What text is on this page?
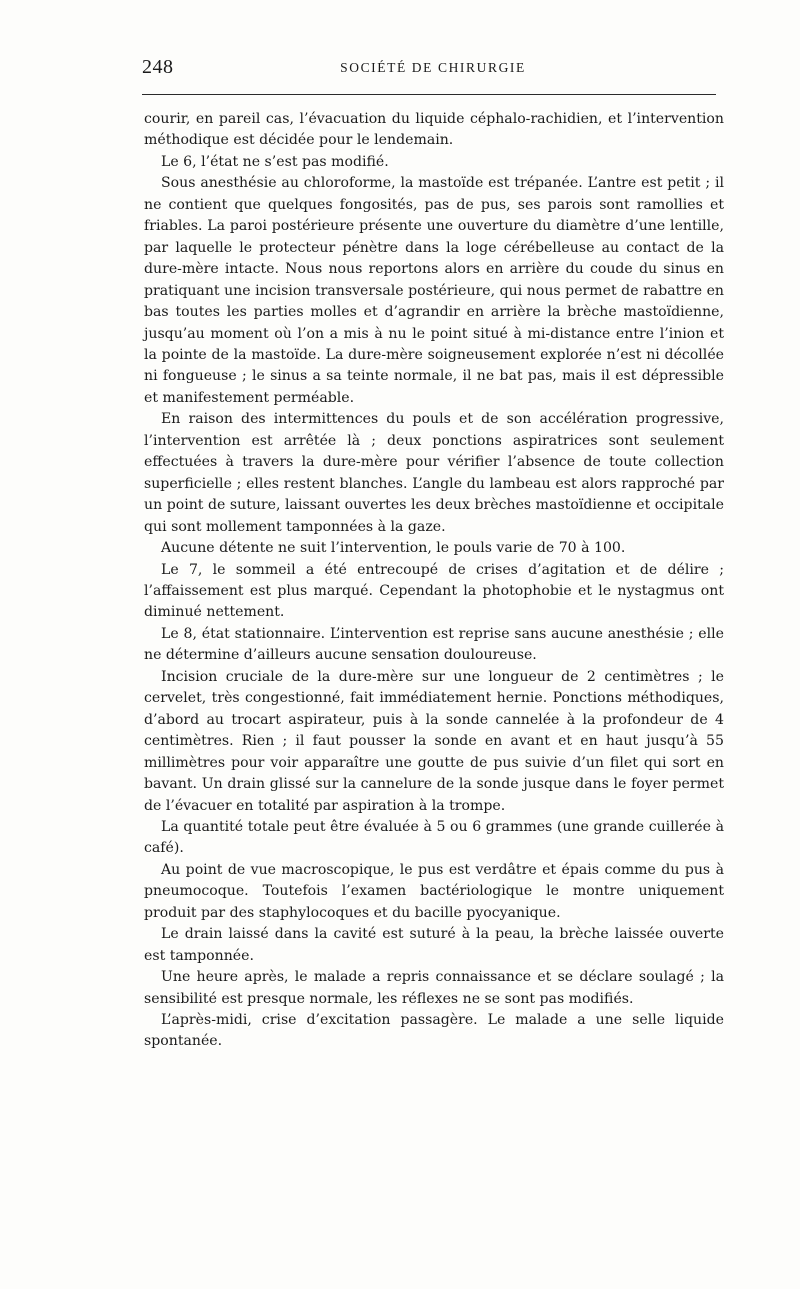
248	SOCIÉTÉ DE CHIRURGIE

courir, en pareil cas, l’évacuation du liquide céphalo-rachidien, et l’intervention méthodique est décidée pour le lendemain.

Le 6, l’état ne s’est pas modifié.

Sous anesthésie au chloroforme, la mastoïde est trépanée. L’antre est petit ; il ne contient que quelques fongosités, pas de pus, ses parois sont ramollies et friables. La paroi postérieure présente une ouverture du diamètre d’une lentille, par laquelle le protecteur pénètre dans la loge cérébelleuse au contact de la dure-mère intacte. Nous nous reportons alors en arrière du coude du sinus en pratiquant une incision transversale postérieure, qui nous permet de rabattre en bas toutes les parties molles et d’agrandir en arrière la brèche mastoïdienne, jusqu’au moment où l’on a mis à nu le point situé à mi-distance entre l’inion et la pointe de la mastoïde. La dure-mère soigneusement explorée n’est ni décollée ni fongueuse ; le sinus a sa teinte normale, il ne bat pas, mais il est dépressible et manifestement perméable.

En raison des intermittences du pouls et de son accélération progressive, l’intervention est arrêtée là ; deux ponctions aspiratrices sont seulement effectuées à travers la dure-mère pour vérifier l’absence de toute collection superficielle ; elles restent blanches. L’angle du lambeau est alors rapproché par un point de suture, laissant ouvertes les deux brèches mastoïdienne et occipitale qui sont mollement tamponnées à la gaze.

Aucune détente ne suit l’intervention, le pouls varie de 70 à 100.

Le 7, le sommeil a été entrecoupé de crises d’agitation et de délire ; l’affaissement est plus marqué. Cependant la photophobie et le nystagmus ont diminué nettement.

Le 8, état stationnaire. L’intervention est reprise sans aucune anesthésie ; elle ne détermine d’ailleurs aucune sensation douloureuse.

Incision cruciale de la dure-mère sur une longueur de 2 centimètres ; le cervelet, très congestionné, fait immédiatement hernie. Ponctions méthodiques, d’abord au trocart aspirateur, puis à la sonde cannelée à la profondeur de 4 centimètres. Rien ; il faut pousser la sonde en avant et en haut jusqu’à 55 millimètres pour voir apparaître une goutte de pus suivie d’un filet qui sort en bavant. Un drain glissé sur la cannelure de la sonde jusque dans le foyer permet de l’évacuer en totalité par aspiration à la trompe.

La quantité totale peut être évaluée à 5 ou 6 grammes (une grande cuillerée à café).

Au point de vue macroscopique, le pus est verdâtre et épais comme du pus à pneumocoque. Toutefois l’examen bactériologique le montre uniquement produit par des staphylocoques et du bacille pyocyanique.

Le drain laissé dans la cavité est suturé à la peau, la brèche laissée ouverte est tamponnée.

Une heure après, le malade a repris connaissance et se déclare soulagé ; la sensibilité est presque normale, les réflexes ne se sont pas modifiés.

L’après-midi, crise d’excitation passagère. Le malade a une selle liquide spontanée.
